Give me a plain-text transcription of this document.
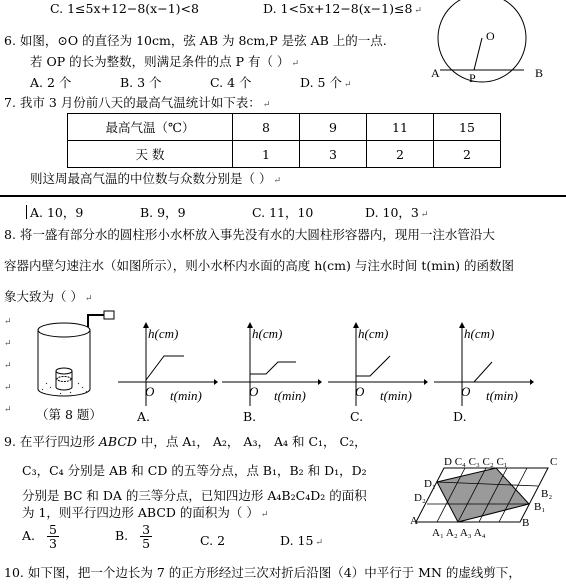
C. 1≤5x+12−8(x−1)<8	D. 1<5x+12−8(x−1)≤8 ↵
6. 如图，⊙O 的直径为 10cm，弦 AB 为 8cm,P 是弦 AB 上的一点.
若 OP 的长为整数，则满足条件的点 P 有（ ） ↵
A. 2 个	B. 3 个	C. 4 个	D. 5 个 ↵
O
A P	B
7. 我市 3 月份前八天的最高气温统计如下表： ↵
最高气温（℃）	8	9	11	15
天 数	1	3	2	2
则这周最高气温的中位数与众数分别是（ ） ↵
A. 10，9	B. 9，9	C. 11，10	D. 10，3 ↵
8. 将一盛有部分水的圆柱形小水杯放入事先没有水的大圆柱形容器内，现用一注水管沿大
容器内壁匀速注水（如图所示），则小水杯内水面的高度 h(cm) 与注水时间 t(min) 的函数图
象大致为（ ） ↵
↵
↵
↵
↵
↵ （第 8 题）
h(cm)
O t(min)
A.
h(cm)
O t(min)
B.
h(cm)
O t(min)
C.
h(cm)
O t(min)
D.
9. 在平行四边形 ABCD 中，点 A₁， A₂， A₃， A₄ 和 C₁， C₂，
C₃，C₄ 分别是 AB 和 CD 的五等分点，点 B₁，B₂ 和 D₁，D₂
分别是 BC 和 DA 的三等分点，已知四边形 A₄B₂C₄D₂ 的面积
为 1，则平行四边形 ABCD 的面积为（ ） ↵
A. $\frac{5}{3}$	B. $\frac{3}{5}$	C. 2	D. 15 ↵
D C₄ C₃ C₂ C₁	C
D₁
D₂
A
B₂
B₁
B
A₁ A₂ A₃ A₄
10. 如下图，把一个边长为 7 的正方形经过三次对折后沿图（4）中平行于 MN 的虚线剪下，
